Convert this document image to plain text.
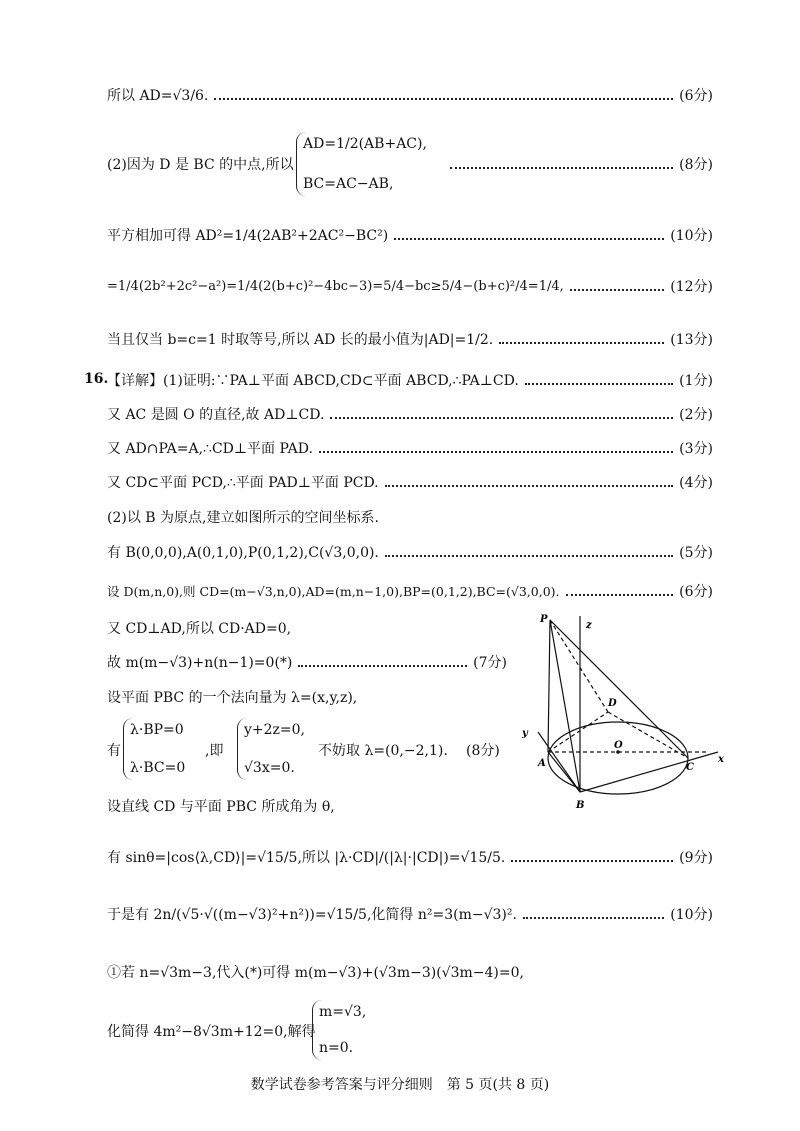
所以 AD=√3/6.	(6分)
(2)因为 D 是 BC 的中点,所以	(8分)
AD=1/2(AB+AC),
BC=AC−AB,
平方相加可得 AD²=1/4(2AB²+2AC²−BC²)	(10分)
=1/4(2b²+2c²−a²)=1/4(2(b+c)²−4bc−3)=5/4−bc≥5/4−(b+c)²/4=1/4,	(12分)
当且仅当 b=c=1 时取等号,所以 AD 长的最小值为|AD|=1/2.	(13分)
16.
【详解】(1)证明:∵PA⊥平面 ABCD,CD⊂平面 ABCD,∴PA⊥CD.	(1分)
又 AC 是圆 O 的直径,故 AD⊥CD.	(2分)
又 AD∩PA=A,∴CD⊥平面 PAD.	(3分)
又 CD⊂平面 PCD,∴平面 PAD⊥平面 PCD.	(4分)
(2)以 B 为原点,建立如图所示的空间坐标系.
有 B(0,0,0),A(0,1,0),P(0,1,2),C(√3,0,0).	(5分)
设 D(m,n,0),则 CD=(m−√3,n,0),AD=(m,n−1,0),BP=(0,1,2),BC=(√3,0,0).	(6分)
又 CD⊥AD,所以 CD·AD=0,
故 m(m−√3)+n(n−1)=0(*)	(7分)
设平面 PBC 的一个法向量为 λ=(x,y,z),
有
λ·BP=0
λ·BC=0
,即
y+2z=0,
√3x=0.
不妨取 λ=(0,−2,1). (8分)
设直线 CD 与平面 PBC 所成角为 θ,
有 sinθ=|cos⟨λ,CD⟩|=√15/5,所以 |λ·CD|/(|λ|·|CD|)=√15/5.	(9分)
于是有 2n/(√5·√((m−√3)²+n²))=√15/5,化简得 n²=3(m−√3)².	(10分)
①若 n=√3m−3,代入(*)可得 m(m−√3)+(√3m−3)(√3m−4)=0,
化简得 4m²−8√3m+12=0,解得
m=√3,
n=0.
P
z
D
O
y
A	C
x
B
数学试卷参考答案与评分细则　第 5 页(共 8 页)
